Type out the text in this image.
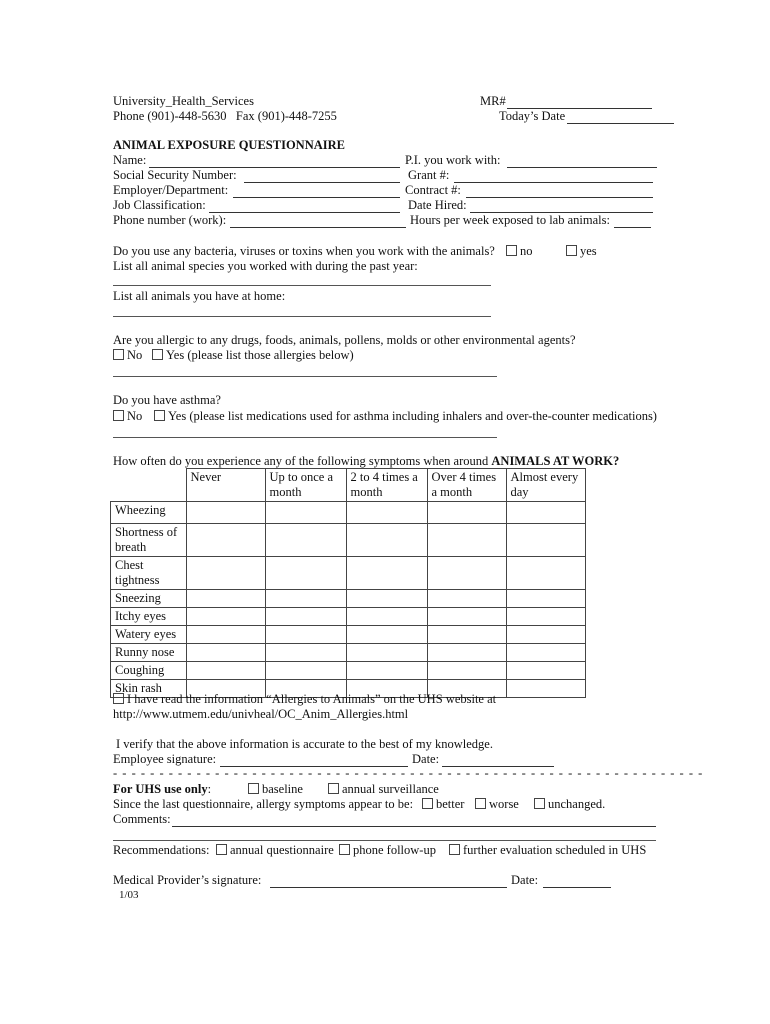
University_Health_Services
Phone (901)-448-5630   Fax (901)-448-7255
MR#
Today’s Date
ANIMAL EXPOSURE QUESTIONNAIRE
Name:
Social Security Number:
Employer/Department:
Job Classification:
Phone number (work):
P.I. you work with:
Grant #:
Contract #:
Date Hired:
Hours per week exposed to lab animals:
Do you use any bacteria, viruses or toxins when you work with the animals?	no	yes
List all animal species you worked with during the past year:
List all animals you have at home:
Are you allergic to any drugs, foods, animals, pollens, molds or other environmental agents?
No	Yes (please list those allergies below)
Do you have asthma?
No	Yes (please list medications used for asthma including inhalers and over-the-counter medications)
How often do you experience any of the following symptoms when around ANIMALS AT WORK?
	Never	Up to once a month	2 to 4 times a month	Over 4 times a month	Almost every day
Wheezing					
Shortness of breath					
Chest tightness					
Sneezing					
Itchy eyes					
Watery eyes					
Runny nose					
Coughing					
Skin rash					
I have read the information “Allergies to Animals” on the UHS website at
http://www.utmem.edu/univheal/OC_Anim_Allergies.html
I verify that the above information is accurate to the best of my knowledge.
Employee signature:	Date:
- - - - - - - - - - - - - - - - - - - - - - - - - - - - - - - - - - - - - - - - - - - - - - - - - - - - - - - - - - - - - - - -
For UHS use only:	baseline	annual surveillance
Since the last questionnaire, allergy symptoms appear to be:	better	worse	unchanged.
Comments:
Recommendations:	annual questionnaire	phone follow-up	further evaluation scheduled in UHS
Medical Provider’s signature:	Date:
1/03
